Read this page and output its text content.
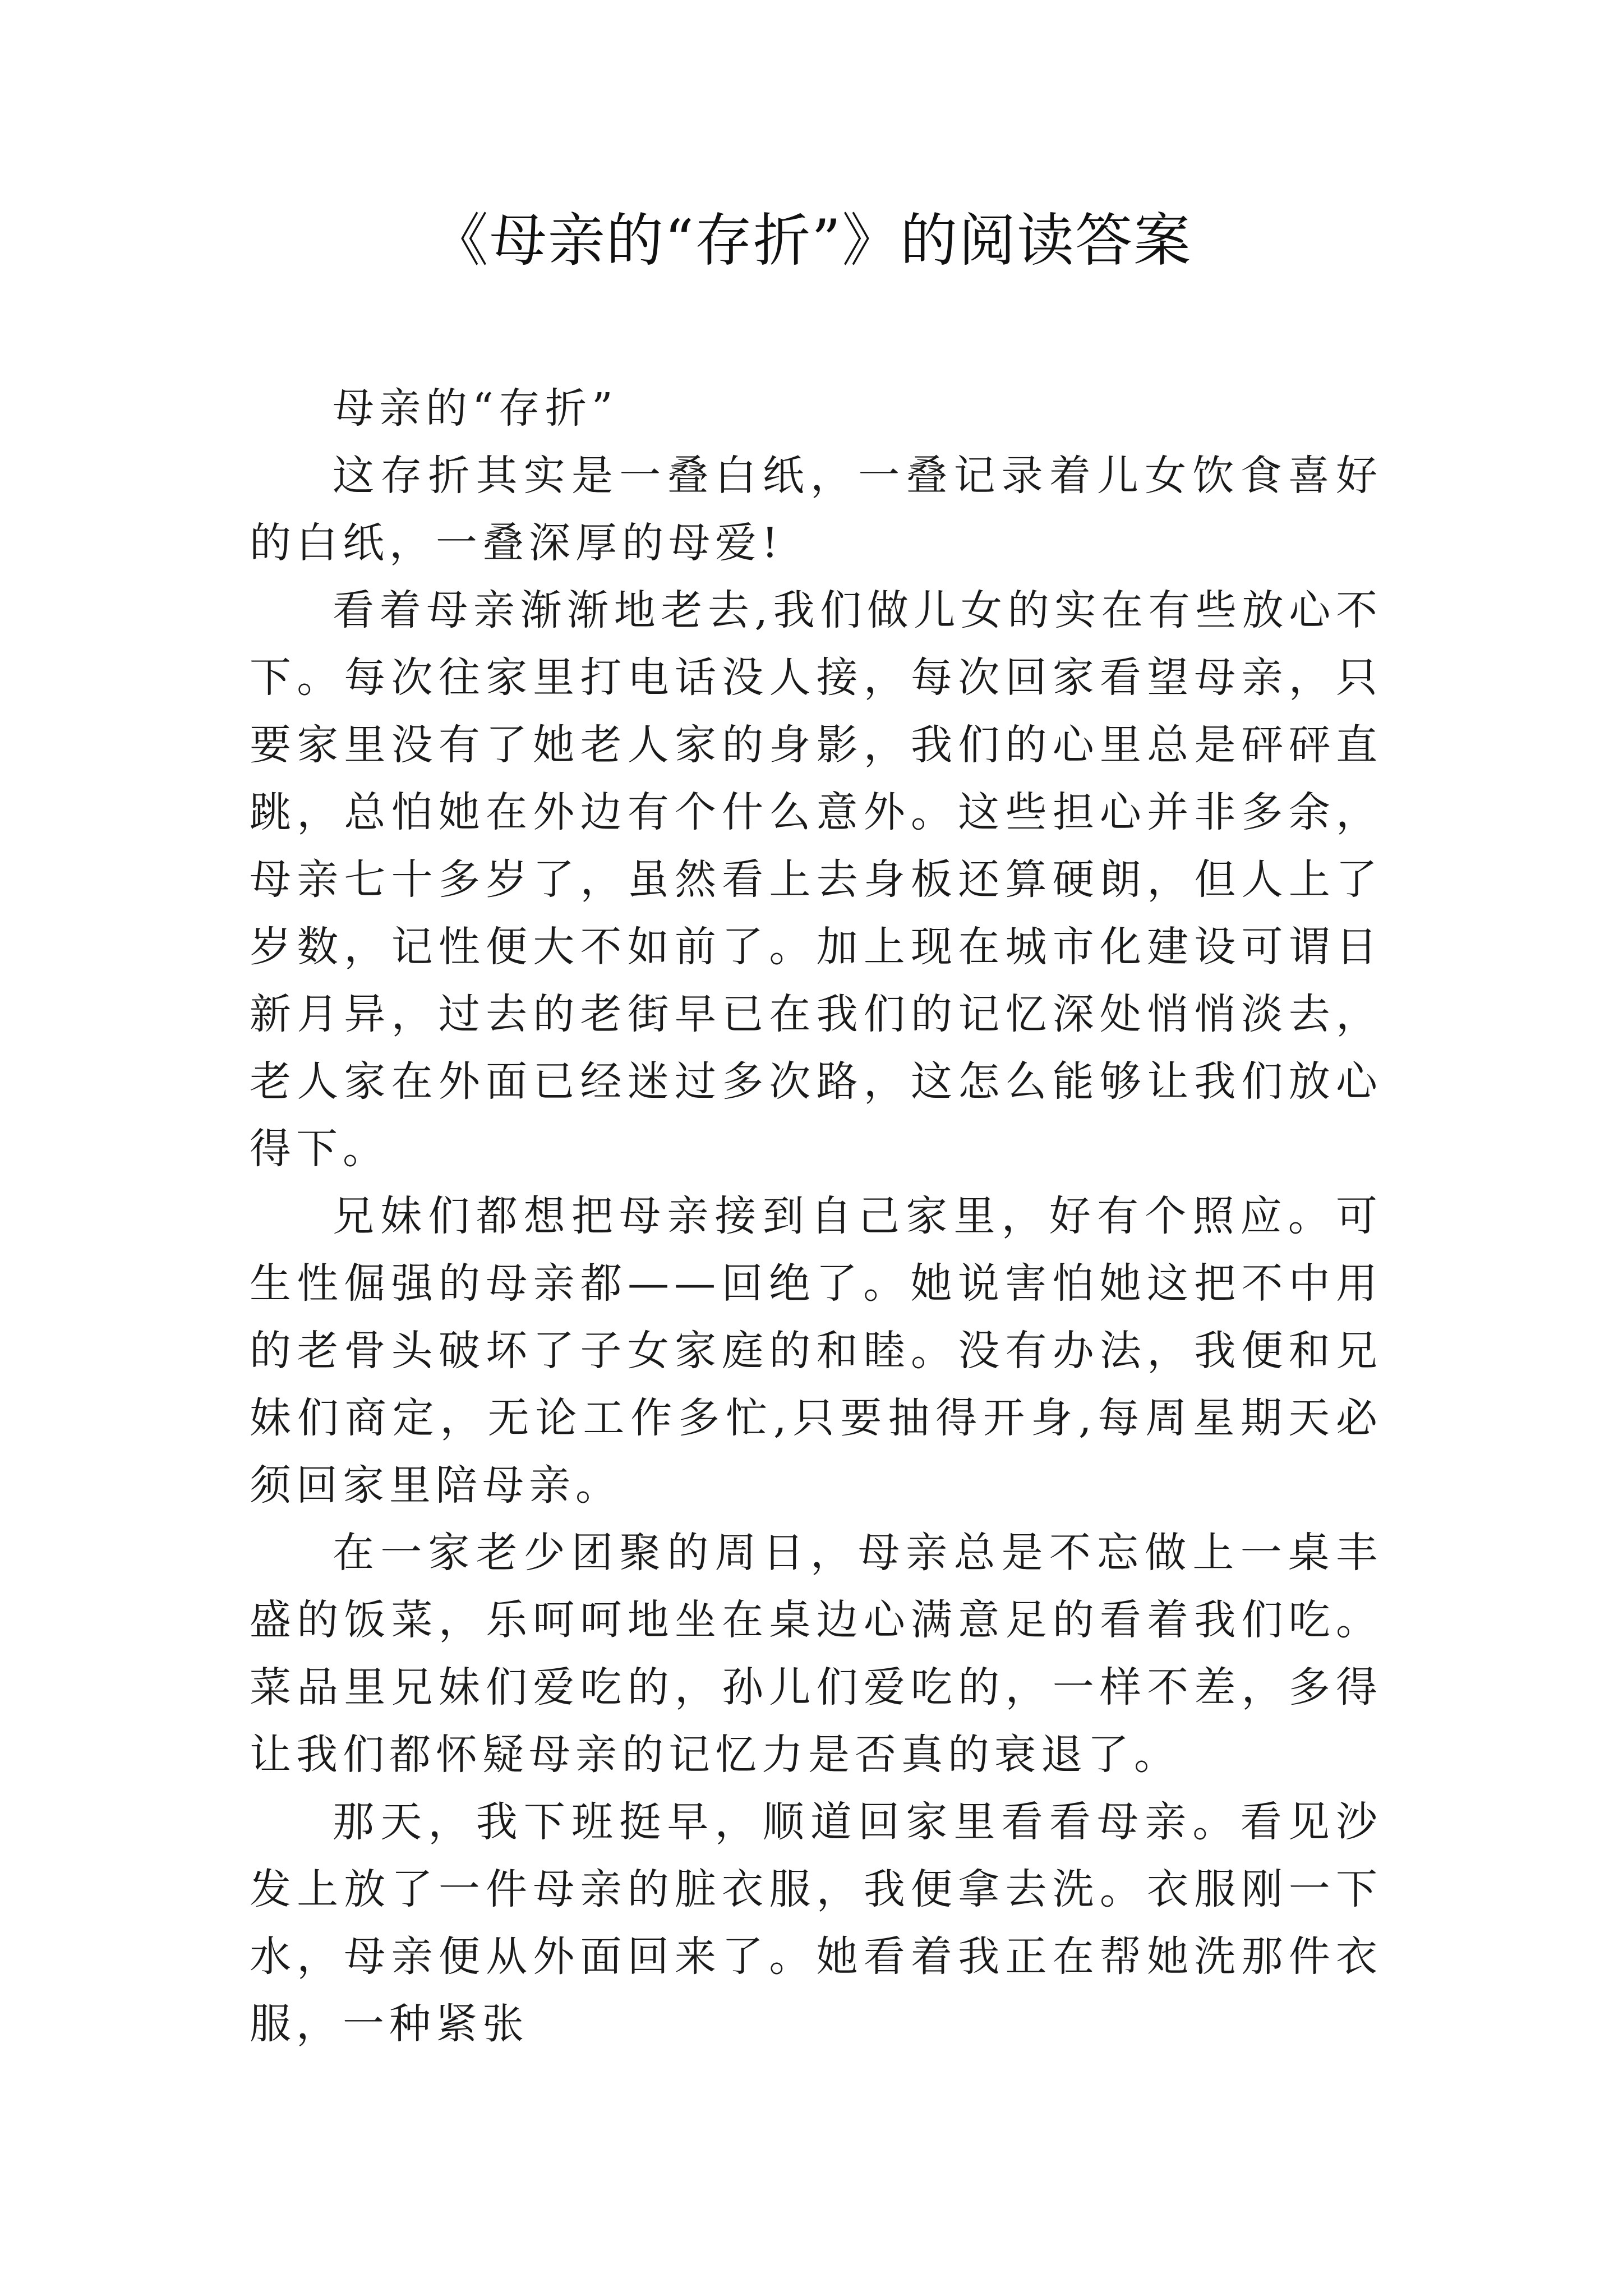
《母亲的“存折”》的阅读答案

母亲的“存折”

这存折其实是一叠白纸，一叠记录着儿女饮食喜好的白纸，一叠深厚的母爱!

看着母亲渐渐地老去,我们做儿女的实在有些放心不下。每次往家里打电话没人接，每次回家看望母亲，只要家里没有了她老人家的身影，我们的心里总是砰砰直跳，总怕她在外边有个什么意外。这些担心并非多余，母亲七十多岁了，虽然看上去身板还算硬朗，但人上了岁数，记性便大不如前了。加上现在城市化建设可谓日新月异，过去的老街早已在我们的记忆深处悄悄淡去，老人家在外面已经迷过多次路，这怎么能够让我们放心得下。

兄妹们都想把母亲接到自己家里，好有个照应。可生性倔强的母亲都——回绝了。她说害怕她这把不中用的老骨头破坏了子女家庭的和睦。没有办法，我便和兄妹们商定，无论工作多忙,只要抽得开身,每周星期天必须回家里陪母亲。

在一家老少团聚的周日，母亲总是不忘做上一桌丰盛的饭菜，乐呵呵地坐在桌边心满意足的看着我们吃。菜品里兄妹们爱吃的，孙儿们爱吃的，一样不差，多得让我们都怀疑母亲的记忆力是否真的衰退了。

那天，我下班挺早，顺道回家里看看母亲。看见沙发上放了一件母亲的脏衣服，我便拿去洗。衣服刚一下水，母亲便从外面回来了。她看着我正在帮她洗那件衣服，一种紧张
